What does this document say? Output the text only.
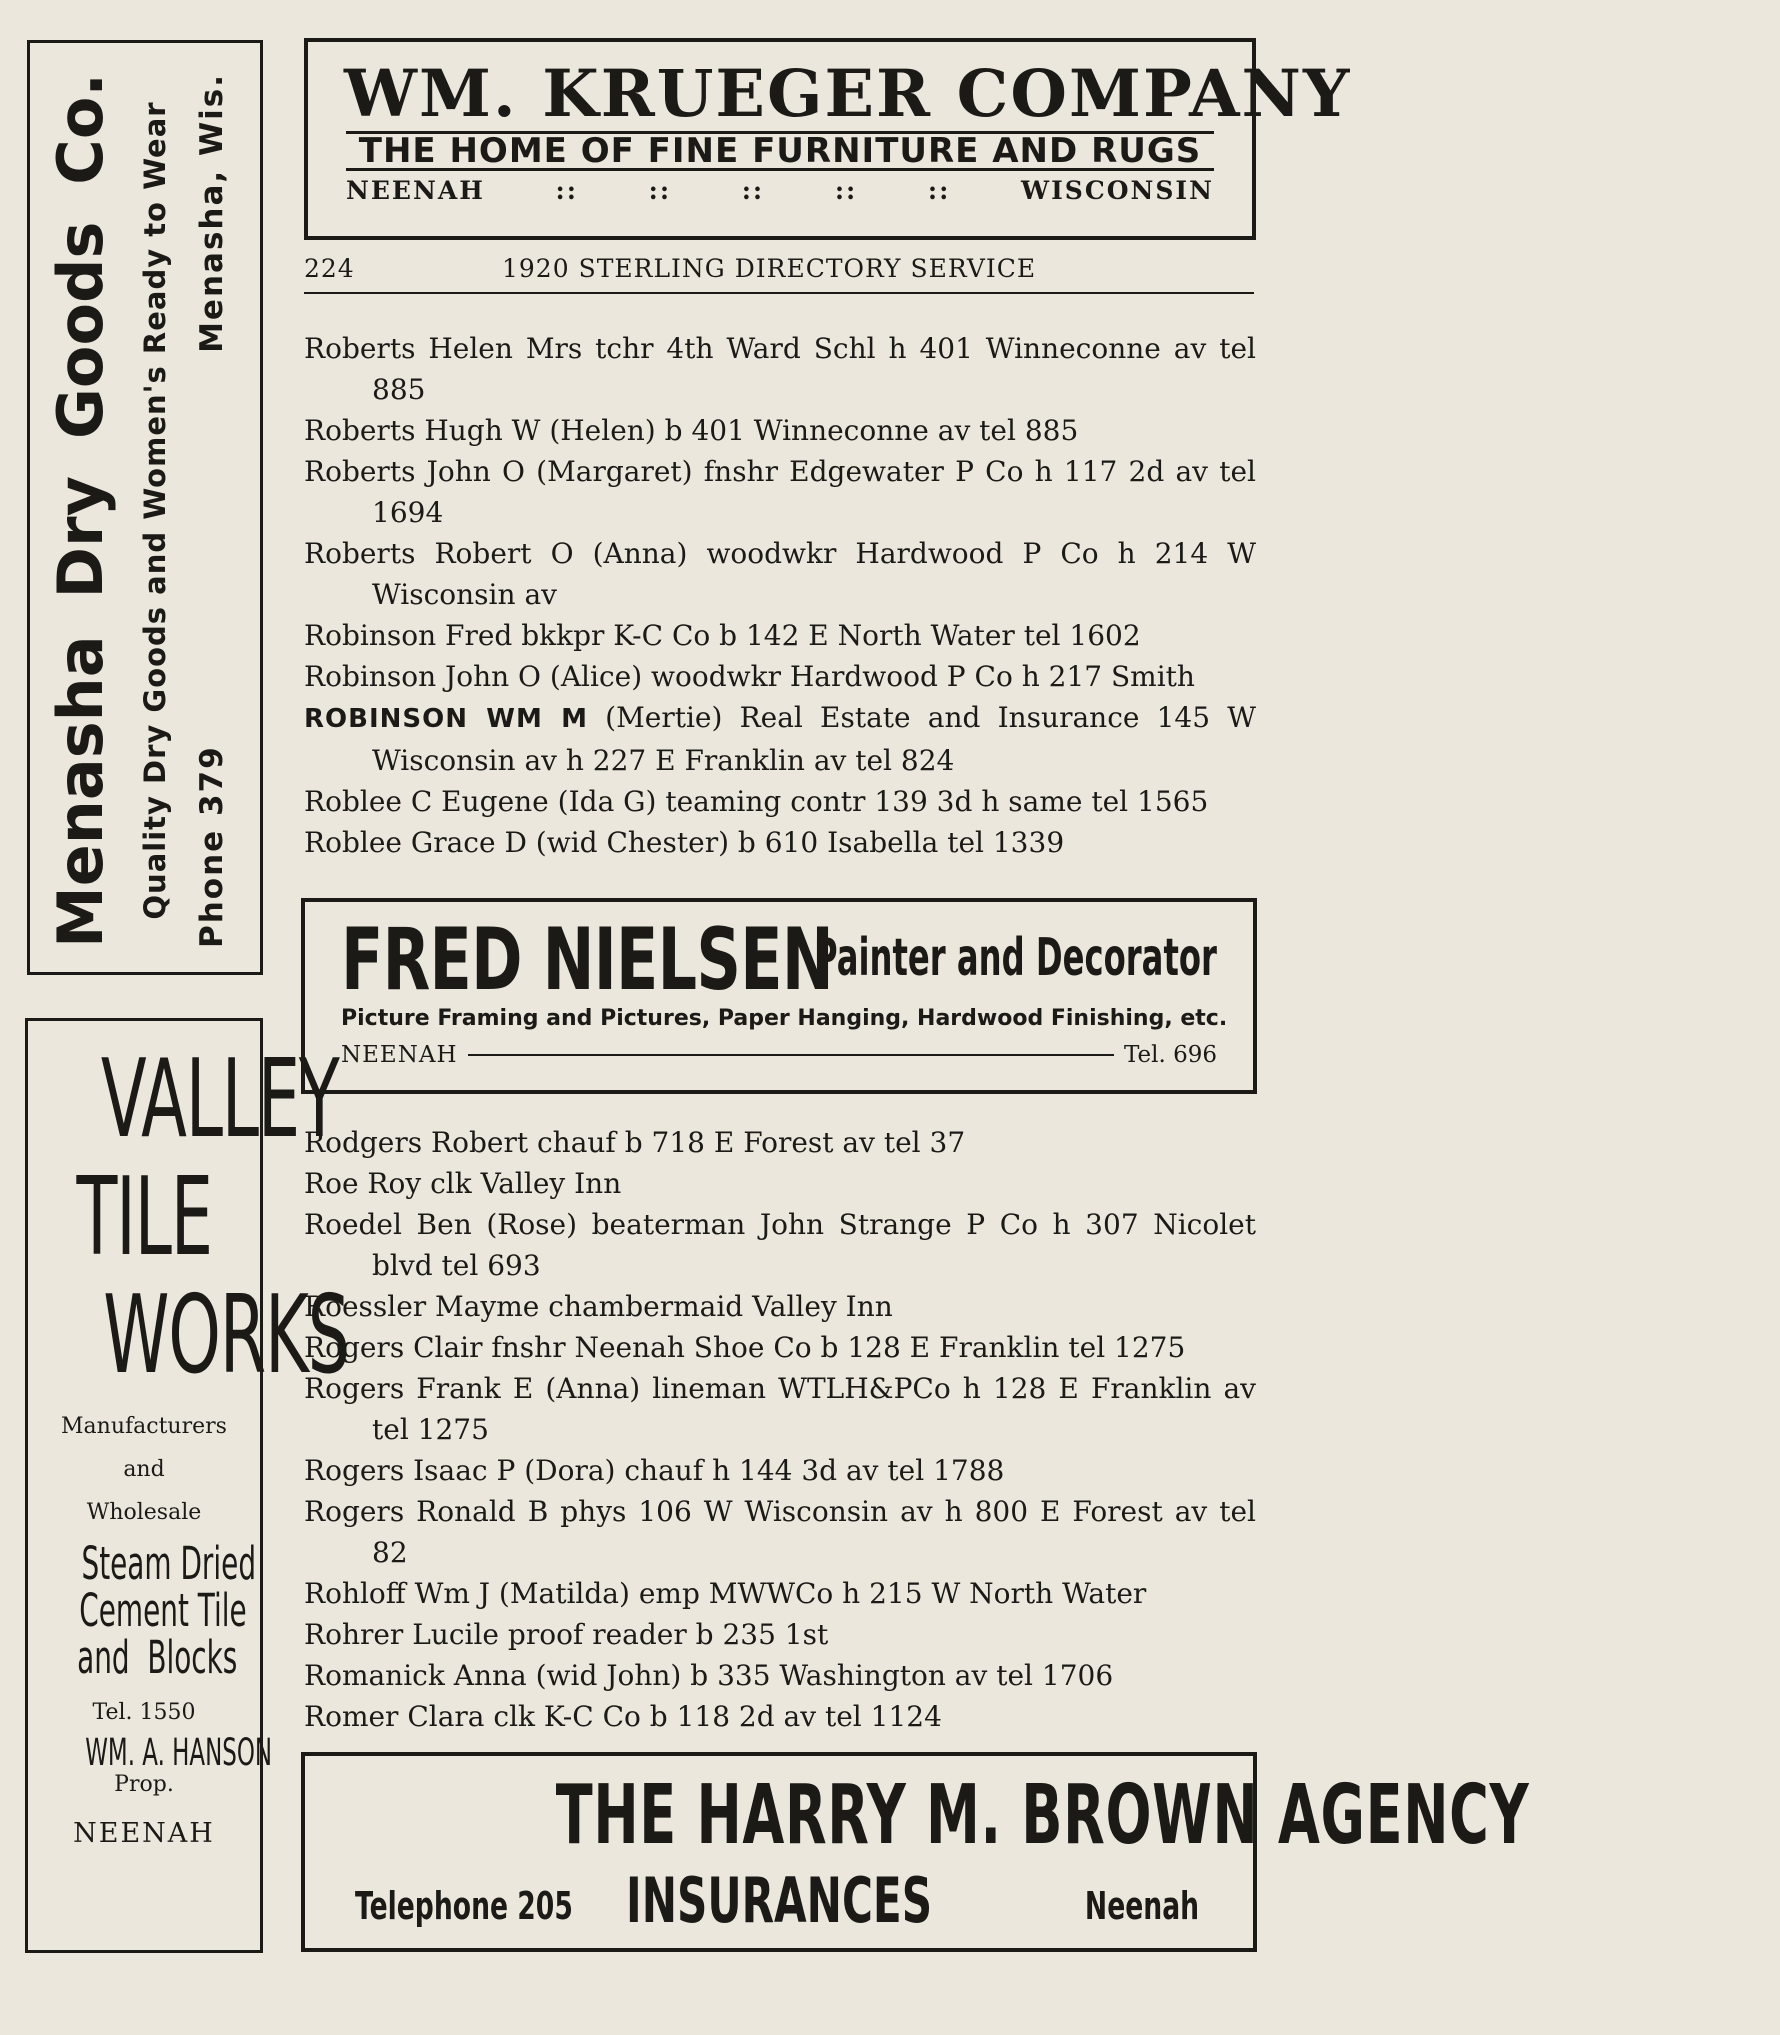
Menasha
Dry
Goods
Co. Quality Dry Goods and Women's Ready to Wear Phone 379
Menasha, Wis.
VALLEY
TILE
WORKS
Manufacturers
and
Wholesale
Steam Dried
Cement Tile
and  Blocks
Tel. 1550
WM. A. HANSON
Prop.
NEENAH
WM. KRUEGER COMPANY
THE HOME OF FINE FURNITURE AND RUGS
NEENAH	::	::	::	::	::	WISCONSIN
224	1920 STERLING DIRECTORY SERVICE
Roberts Helen Mrs tchr 4th Ward Schl h 401 Winneconne av tel 885
Roberts Hugh W (Helen) b 401 Winneconne av tel 885
Roberts John O (Margaret) fnshr Edgewater P Co h 117 2d av tel 1694
Roberts Robert O (Anna) woodwkr Hardwood P Co h 214 W Wisconsin av
Robinson Fred bkkpr K-C Co b 142 E North Water tel 1602
Robinson John O (Alice) woodwkr Hardwood P Co h 217 Smith
ROBINSON WM M (Mertie) Real Estate and Insurance 145 W Wisconsin av h 227 E Franklin av tel 824
Roblee C Eugene (Ida G) teaming contr 139 3d h same tel 1565
Roblee Grace D (wid Chester) b 610 Isabella tel 1339
FRED NIELSEN
Painter and Decorator
Picture Framing and Pictures, Paper Hanging, Hardwood Finishing, etc.
NEENAH	Tel. 696
Rodgers Robert chauf b 718 E Forest av tel 37
Roe Roy clk Valley Inn
Roedel Ben (Rose) beaterman John Strange P Co h 307 Nicolet blvd tel 693
Roessler Mayme chambermaid Valley Inn
Rogers Clair fnshr Neenah Shoe Co b 128 E Franklin tel 1275
Rogers Frank E (Anna) lineman WTLH&PCo h 128 E Franklin av tel 1275
Rogers Isaac P (Dora) chauf h 144 3d av tel 1788
Rogers Ronald B phys 106 W Wisconsin av h 800 E Forest av tel 82
Rohloff Wm J (Matilda) emp MWWCo h 215 W North Water
Rohrer Lucile proof reader b 235 1st
Romanick Anna (wid John) b 335 Washington av tel 1706
Romer Clara clk K-C Co b 118 2d av tel 1124
THE HARRY M. BROWN AGENCY
Telephone 205 INSURANCES	Neenah
